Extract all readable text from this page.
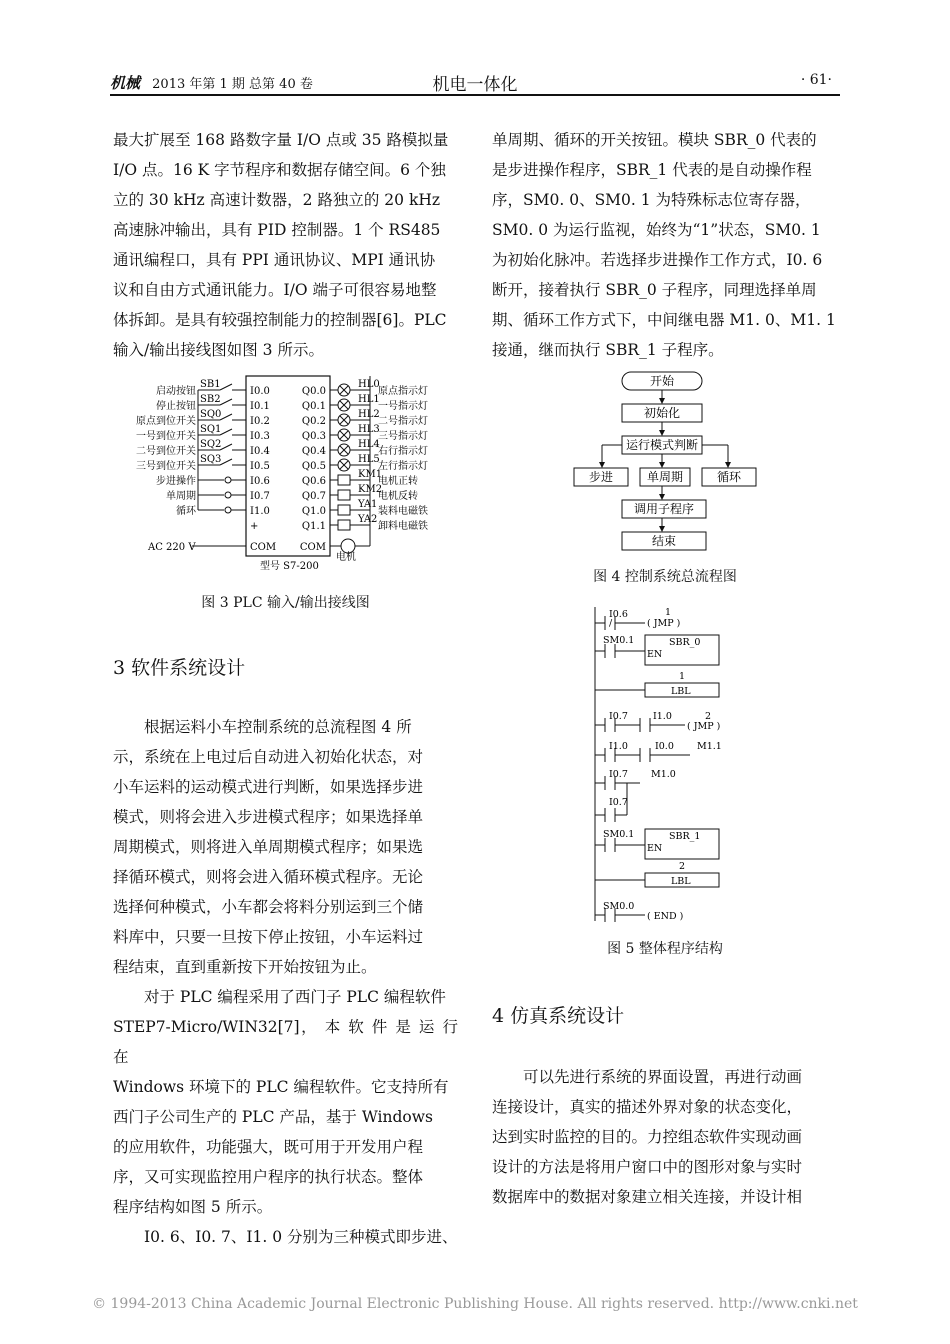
机械 2013 年第 1 期 总第 40 卷	机电一体化	· 61·

最大扩展至 168 路数字量 I/O 点或 35 路模拟量

I/O 点。16 K 字节程序和数据存储空间。6 个独

立的 30 kHz 高速计数器，2 路独立的 20 kHz

高速脉冲输出，具有 PID 控制器。1 个 RS485

通讯编程口，具有 PPI 通讯协议、MPI 通讯协

议和自由方式通讯能力。I/O 端子可很容易地整

体拆卸。是具有较强控制能力的控制器[6]。PLC

输入/输出接线图如图 3 所示。

I0.0
I0.1
I0.2
I0.3
I0.4
I0.5
I0.6
I0.7
I1.0
+
COM
启动按钮
停止按钮
原点到位开关
一号到位开关
二号到位开关
三号到位开关
步进操作
单周期
循环
SB1
SB2
SQ0
SQ1
SQ2
SQ3
Q0.0
Q0.1
Q0.2
Q0.3
Q0.4
Q0.5
Q0.6
Q0.7
Q1.0
Q1.1
COM
HL0
原点指示灯
HL1
一号指示灯
HL2
二号指示灯
HL3
三号指示灯
HL4
右行指示灯
HL5
左行指示灯
KM1
电机正转
KM2
电机反转
YA1
装料电磁铁
YA2
卸料电磁铁
型号 S7-200
AC 220 V
电机
图 3 PLC 输入/输出接线图
3 软件系统设计

根据运料小车控制系统的总流程图 4 所

示，系统在上电过后自动进入初始化状态，对

小车运料的运动模式进行判断，如果选择步进

模式，则将会进入步进模式程序；如果选择单

周期模式，则将进入单周期模式程序；如果选

择循环模式，则将会进入循环模式程序。无论

选择何种模式，小车都会将料分别运到三个储

料库中，只要一旦按下停止按钮，小车运料过

程结束，直到重新按下开始按钮为止。

对于 PLC 编程采用了西门子 PLC 编程软件

STEP7-Micro/WIN32[7]， 本 软 件 是 运 行 在

Windows 环境下的 PLC 编程软件。它支持所有

西门子公司生产的 PLC 产品，基于 Windows

的应用软件，功能强大，既可用于开发用户程

序，又可实现监控用户程序的执行状态。整体

程序结构如图 5 所示。

I0. 6、I0. 7、I1. 0 分别为三种模式即步进、

单周期、循环的开关按钮。模块 SBR_0 代表的

是步进操作程序，SBR_1 代表的是自动操作程

序，SM0. 0、SM0. 1 为特殊标志位寄存器，

SM0. 0 为运行监视，始终为“1”状态，SM0. 1

为初始化脉冲。若选择步进操作工作方式，I0. 6

断开，接着执行 SBR_0 子程序，同理选择单周

期、循环工作方式下，中间继电器 M1. 0、M1. 1

接通，继而执行 SBR_1 子程序。

开始
初始化
运行模式判断
步进	单周期	循环
调用子程序
结束
图 4 控制系统总流程图
I0.6
/
1
( JMP )
SM0.1	SBR_0
EN
1
LBL
I0.7	I1.0	2
( JMP )
I1.0	I0.0 M1.1
I0.7 M1.0
I0.7
SM0.1	SBR_1
EN
2
LBL
SM0.0
( END )
图 5 整体程序结构
4 仿真系统设计

可以先进行系统的界面设置，再进行动画

连接设计，真实的描述外界对象的状态变化，

达到实时监控的目的。力控组态软件实现动画

设计的方法是将用户窗口中的图形对象与实时

数据库中的数据对象建立相关连接，并设计相

© 1994-2013 China Academic Journal Electronic Publishing House. All rights reserved. http://www.cnki.net
